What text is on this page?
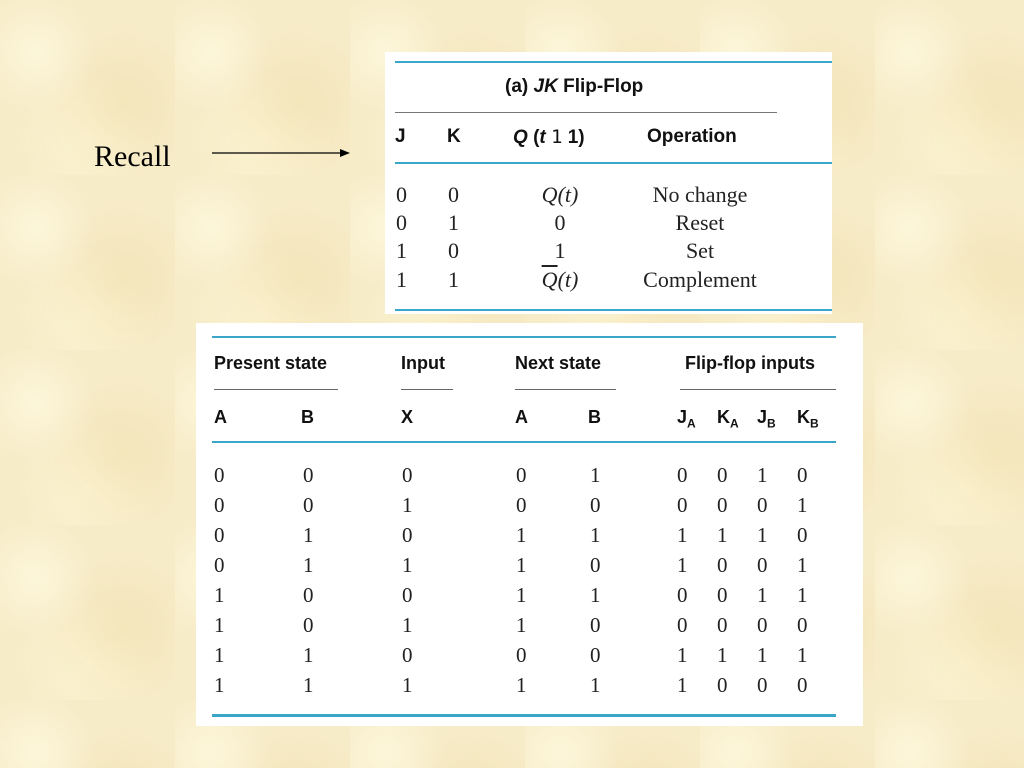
Recall
(a) JK Flip-Flop
J K	Q (t 1 1)	Operation
0 0	Q(t)	No change
0 1	0	Reset
1 0	1	Set
1 1	$\overline{Q}(t)$	Complement
Present state	Input	Next state	Flip-flop inputs
A	B	X	A	B	$J_A$ $K_A$ $J_B$ $K_B$
0	0	0	0	1	0 0 1 0
0	0	1	0	0	0 0 0 1
0	1	0	1	1	1 1 1 0
0	1	1	1	0	1 0 0 1
1	0	0	1	1	0 0 1 1
1	0	1	1	0	0 0 0 0
1	1	0	0	0	1 1 1 1
1	1	1	1	1	1 0 0 0
